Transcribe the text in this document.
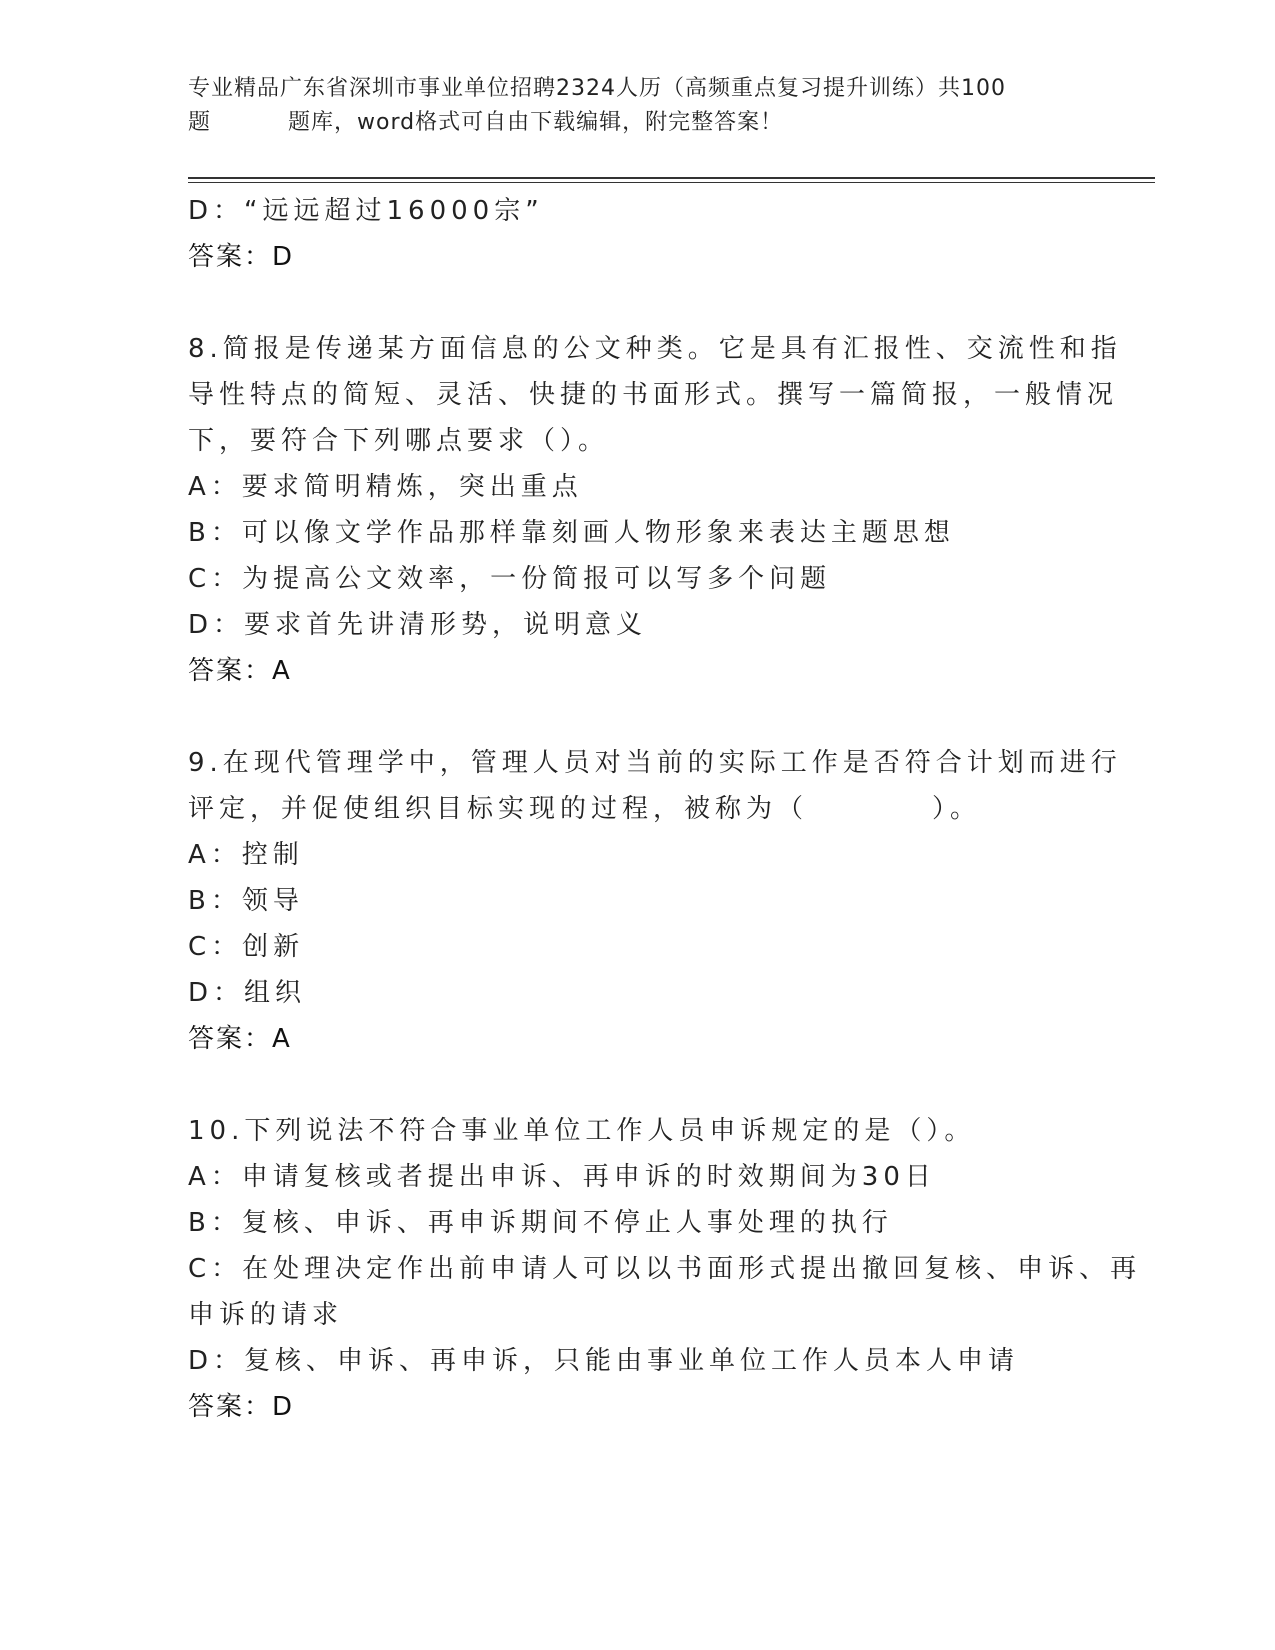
专业精品广东省深圳市事业单位招聘2324人历（高频重点复习提升训练）共100
题	题库，word格式可自由下载编辑，附完整答案！
D：“远远超过16000宗”
答案：D
8.简报是传递某方面信息的公文种类。它是具有汇报性、交流性和指
导性特点的简短、灵活、快捷的书面形式。撰写一篇简报，一般情况
下，要符合下列哪点要求（）。
A：要求简明精炼，突出重点
B：可以像文学作品那样靠刻画人物形象来表达主题思想
C：为提高公文效率，一份简报可以写多个问题
D：要求首先讲清形势，说明意义
答案：A
9.在现代管理学中，管理人员对当前的实际工作是否符合计划而进行
评定，并促使组织目标实现的过程，被称为（　　　　）。
A：控制
B：领导
C：创新
D：组织
答案：A
10.下列说法不符合事业单位工作人员申诉规定的是（）。
A：申请复核或者提出申诉、再申诉的时效期间为30日
B：复核、申诉、再申诉期间不停止人事处理的执行
C：在处理决定作出前申请人可以以书面形式提出撤回复核、申诉、再
申诉的请求
D：复核、申诉、再申诉，只能由事业单位工作人员本人申请
答案：D
